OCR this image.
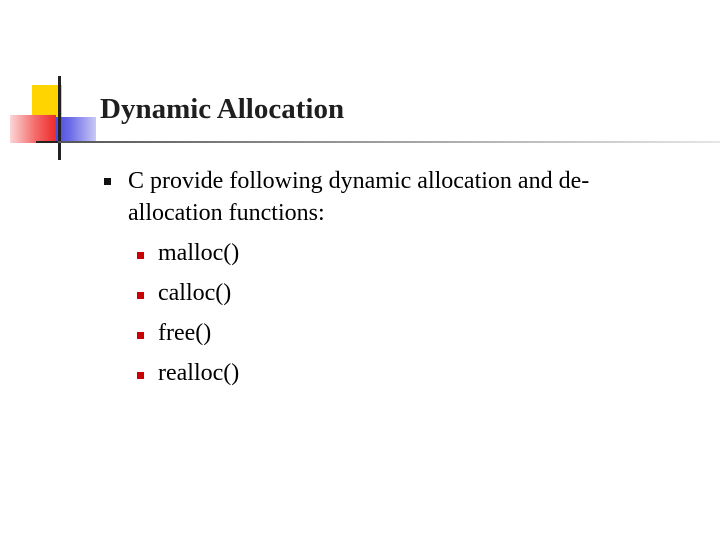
Dynamic Allocation
C provide following dynamic allocation and de-allocation functions:
malloc()
calloc()
free()
realloc()
